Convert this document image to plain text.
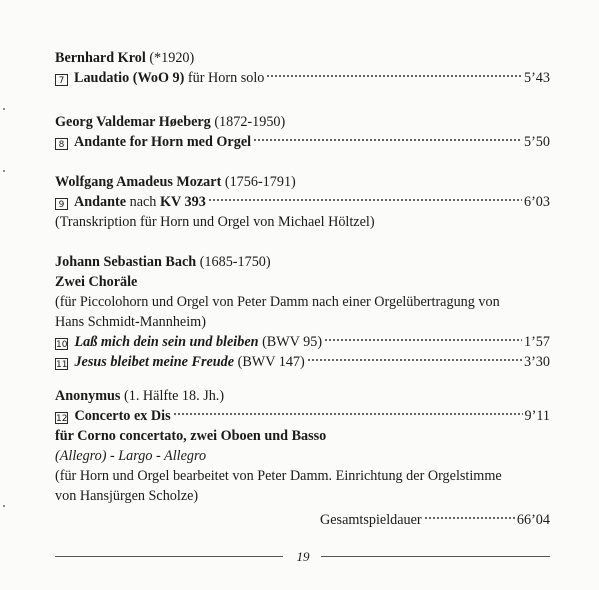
Bernhard Krol (*1920)
7 Laudatio (WoO 9) für Horn solo	5’43
Georg Valdemar Høeberg (1872-1950)
8 Andante for Horn med Orgel	5’50
Wolfgang Amadeus Mozart (1756-1791)
9 Andante nach KV 393	6’03
(Transkription für Horn und Orgel von Michael Höltzel)
Johann Sebastian Bach (1685-1750)
Zwei Choräle
(für Piccolohorn und Orgel von Peter Damm nach einer Orgelübertragung von
Hans Schmidt-Mannheim)
10 Laß mich dein sein und bleiben (BWV 95)	1’57
11 Jesus bleibet meine Freude (BWV 147)	3’30
Anonymus (1. Hälfte 18. Jh.)
12 Concerto ex Dis	9’11
für Corno concertato, zwei Oboen und Basso
(Allegro) - Largo - Allegro
(für Horn und Orgel bearbeitet von Peter Damm. Einrichtung der Orgelstimme
von Hansjürgen Scholze)
Gesamtspieldauer	66’04
19
